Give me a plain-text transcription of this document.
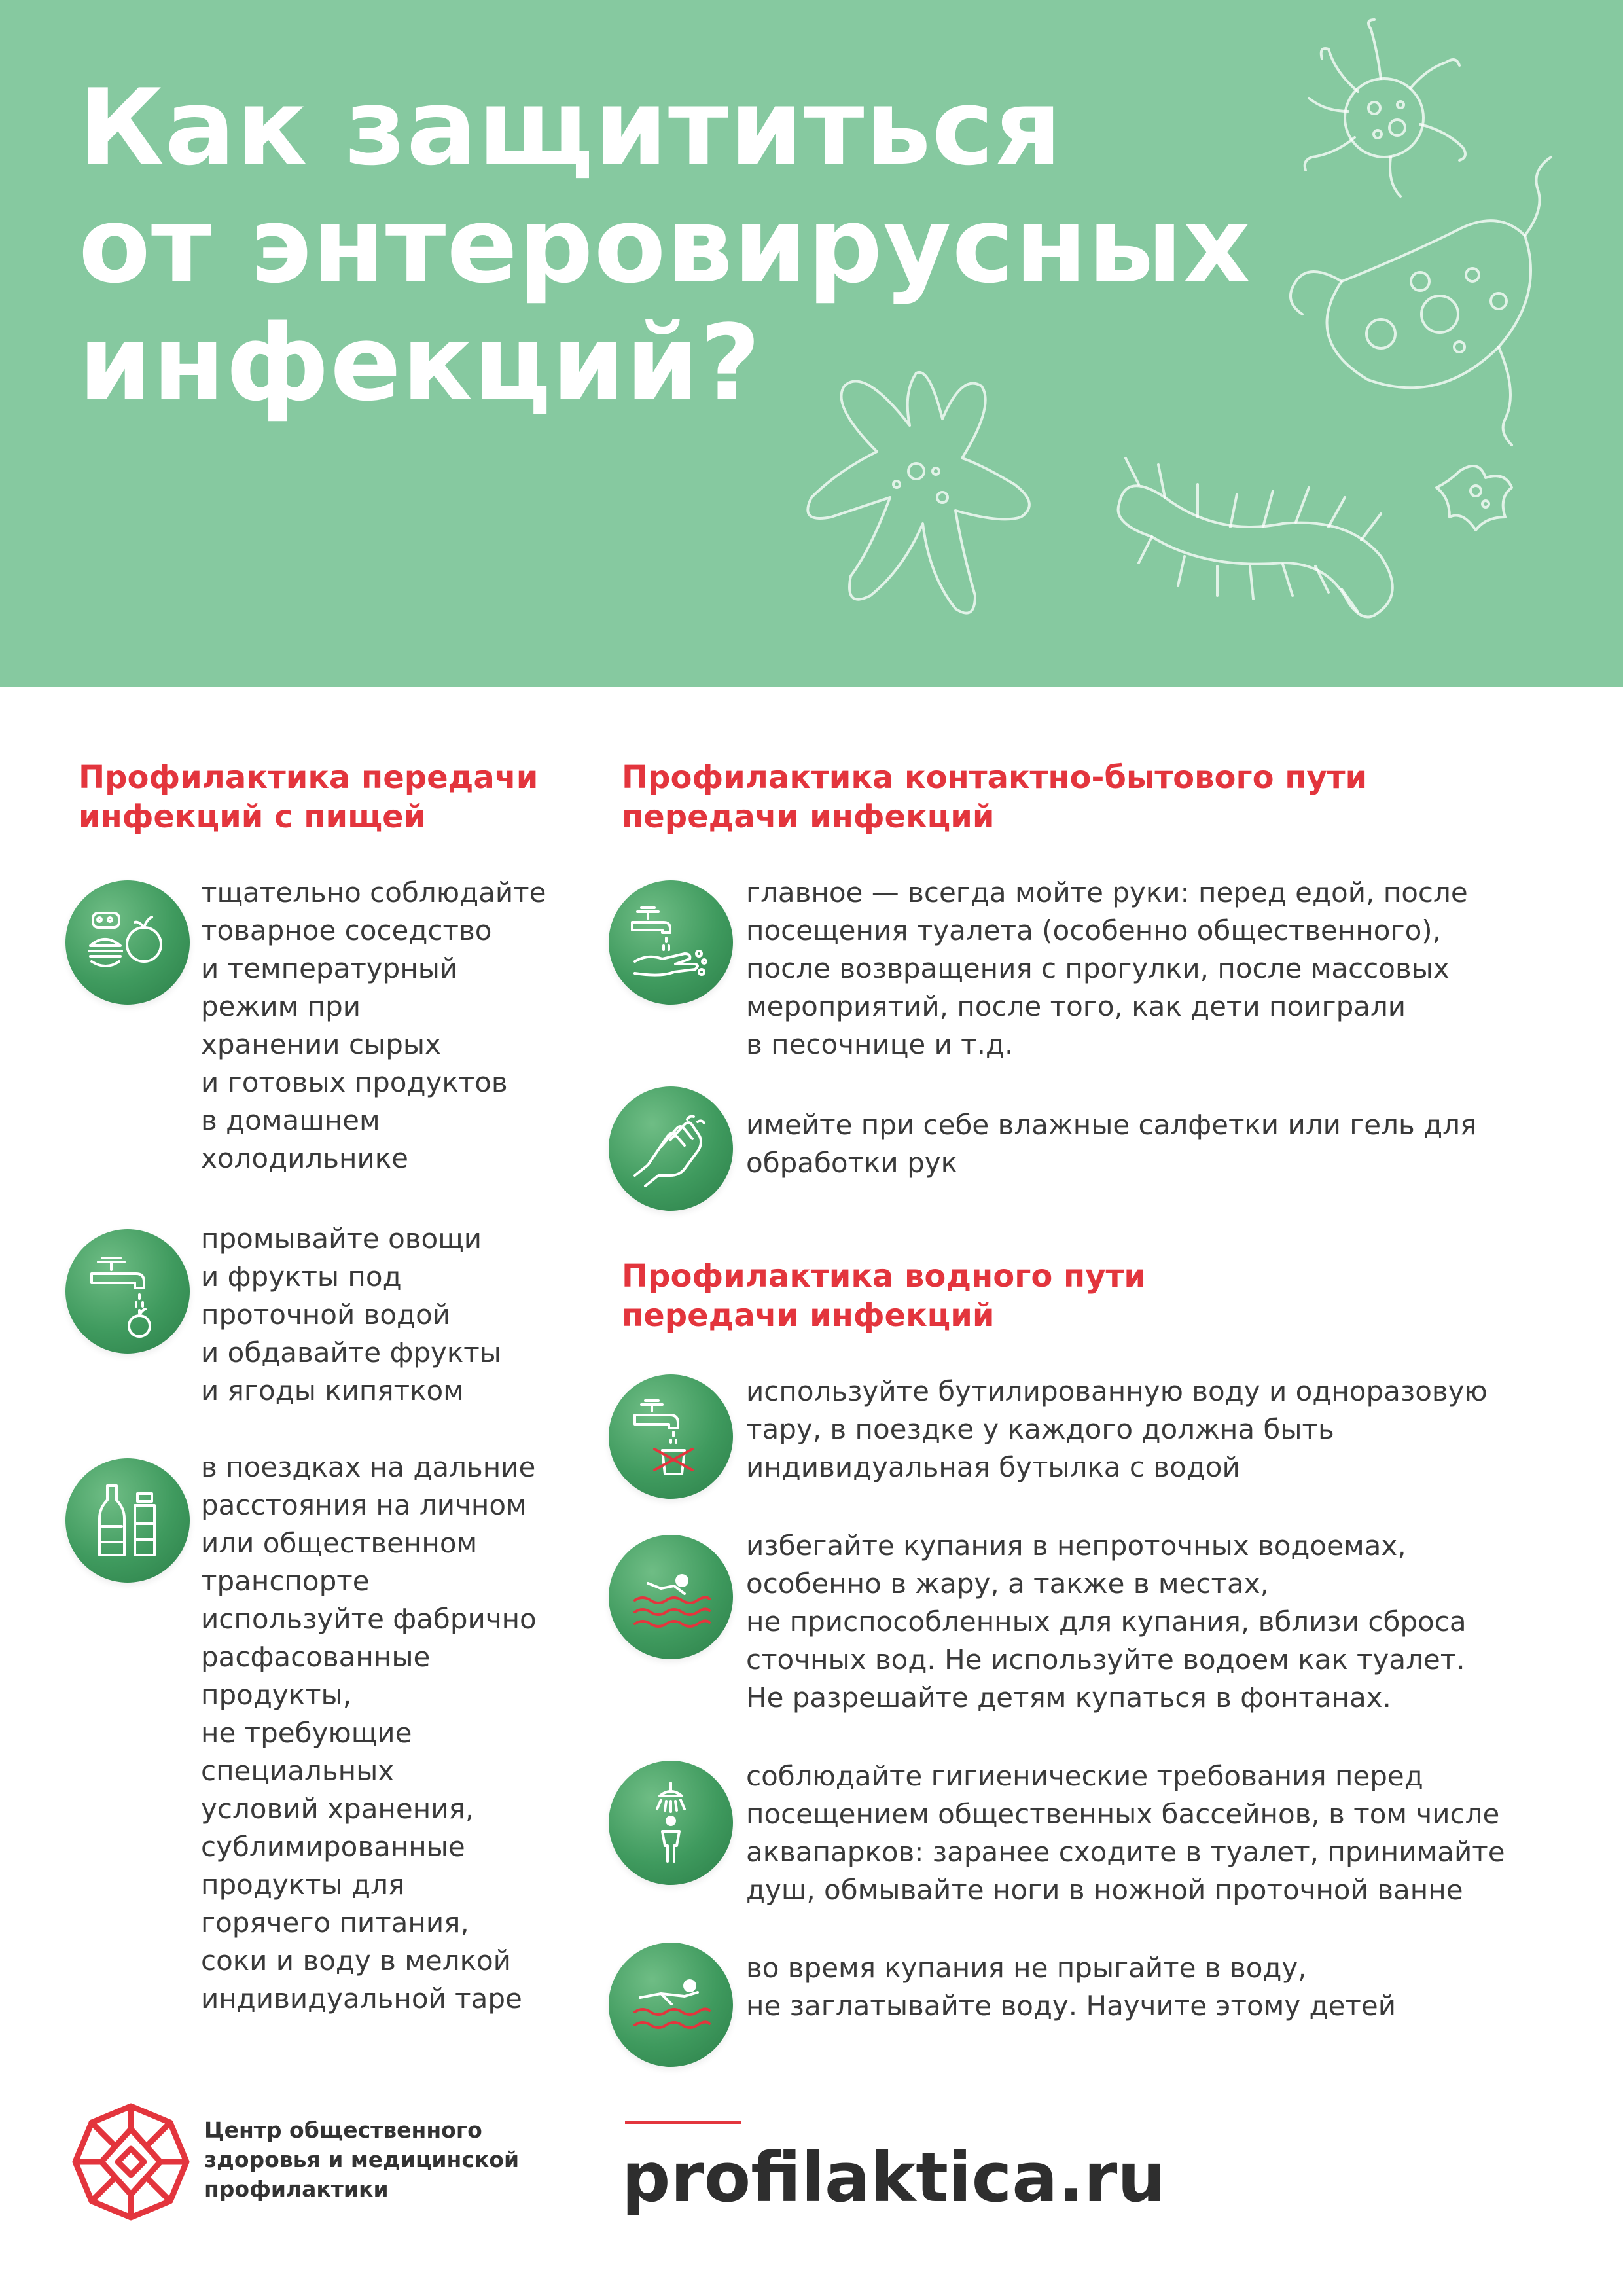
Как защититься
от энтеровирусных
инфекций?
Профилактика передачи
инфекций с пищей

тщательно соблюдайте
товарное соседство
и температурный
режим при
хранении сырых
и готовых продуктов
в домашнем
холодильнике

промывайте овощи
и фрукты под
проточной водой
и обдавайте фрукты
и ягоды кипятком

в поездках на дальние
расстояния на личном
или общественном
транспорте
используйте фабрично
расфасованные
продукты,
не требующие
специальных
условий хранения,
сублимированные
продукты для
горячего питания,
соки и воду в мелкой
индивидуальной таре

Профилактика контактно-бытового пути
передачи инфекций

главное — всегда мойте руки: перед едой, после
посещения туалета (особенно общественного),
после возвращения с прогулки, после массовых
мероприятий, после того, как дети поиграли
в песочнице и т.д.

имейте при себе влажные салфетки или гель для
обработки рук

Профилактика водного пути
передачи инфекций

используйте бутилированную воду и одноразовую
тару, в поездке у каждого должна быть
индивидуальная бутылка с водой

избегайте купания в непроточных водоемах,
особенно в жару, а также в местах,
не приспособленных для купания, вблизи сброса
сточных вод. Не используйте водоем как туалет.
Не разрешайте детям купаться в фонтанах.

соблюдайте гигиенические требования перед
посещением общественных бассейнов, в том числе
аквапарков: заранее сходите в туалет, принимайте
душ, обмывайте ноги в ножной проточной ванне

во время купания не прыгайте в воду,
не заглатывайте воду. Научите этому детей

Центр общественного
здоровья и медицинской
профилактики	profilaktica.ru
